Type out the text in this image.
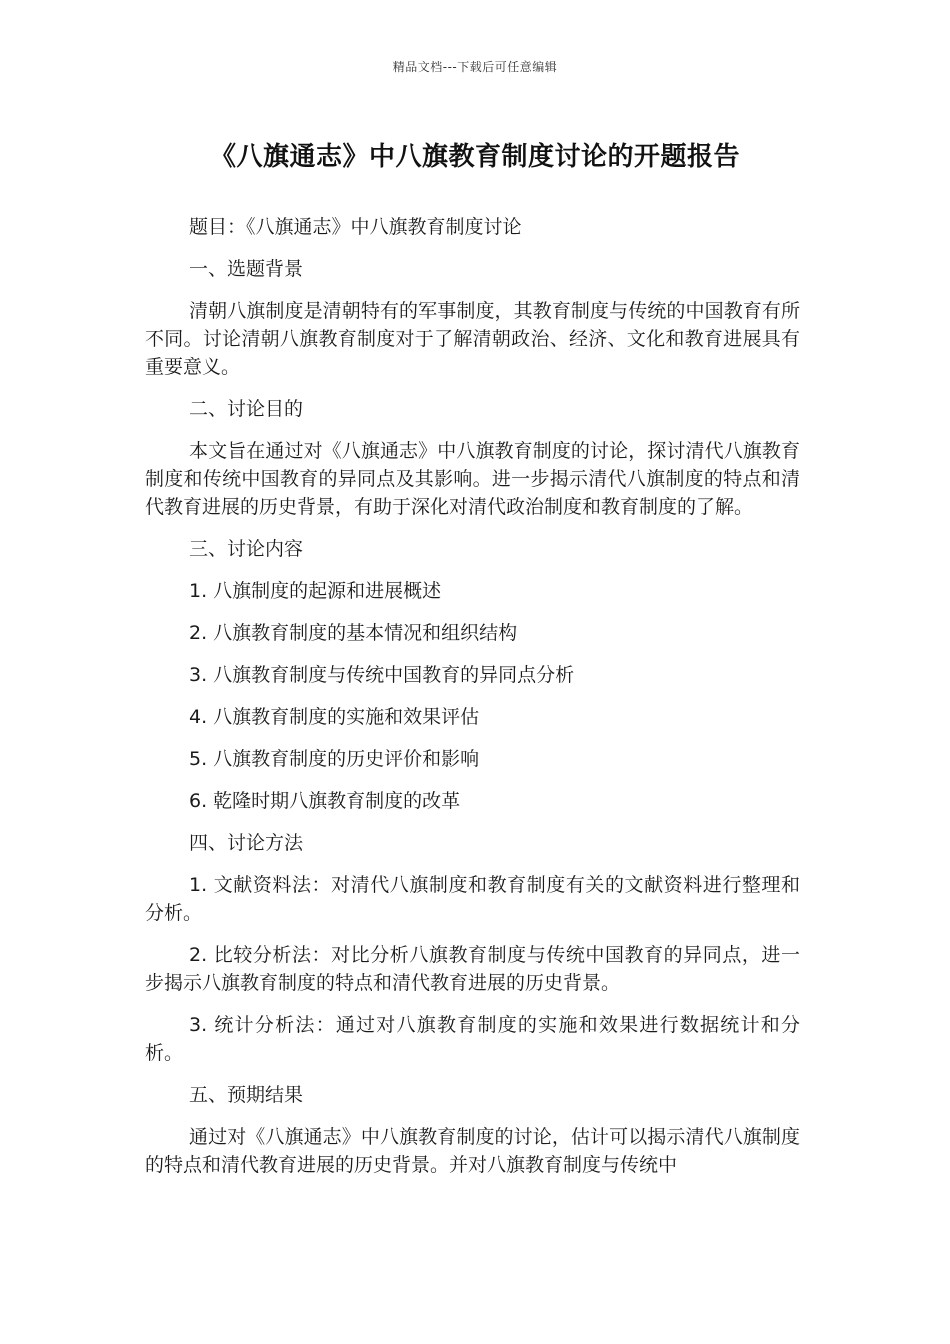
精品文档---下载后可任意编辑
《八旗通志》中八旗教育制度讨论的开题报告

题目：《八旗通志》中八旗教育制度讨论

一、选题背景

清朝八旗制度是清朝特有的军事制度，其教育制度与传统的中国教育有所不同。讨论清朝八旗教育制度对于了解清朝政治、经济、文化和教育进展具有重要意义。

二、讨论目的

本文旨在通过对《八旗通志》中八旗教育制度的讨论，探讨清代八旗教育制度和传统中国教育的异同点及其影响。进一步揭示清代八旗制度的特点和清代教育进展的历史背景，有助于深化对清代政治制度和教育制度的了解。

三、讨论内容

1. 八旗制度的起源和进展概述

2. 八旗教育制度的基本情况和组织结构

3. 八旗教育制度与传统中国教育的异同点分析

4. 八旗教育制度的实施和效果评估

5. 八旗教育制度的历史评价和影响

6. 乾隆时期八旗教育制度的改革

四、讨论方法

1. 文献资料法：对清代八旗制度和教育制度有关的文献资料进行整理和分析。

2. 比较分析法：对比分析八旗教育制度与传统中国教育的异同点，进一步揭示八旗教育制度的特点和清代教育进展的历史背景。

3. 统计分析法：通过对八旗教育制度的实施和效果进行数据统计和分析。

五、预期结果

通过对《八旗通志》中八旗教育制度的讨论，估计可以揭示清代八旗制度的特点和清代教育进展的历史背景。并对八旗教育制度与传统中
